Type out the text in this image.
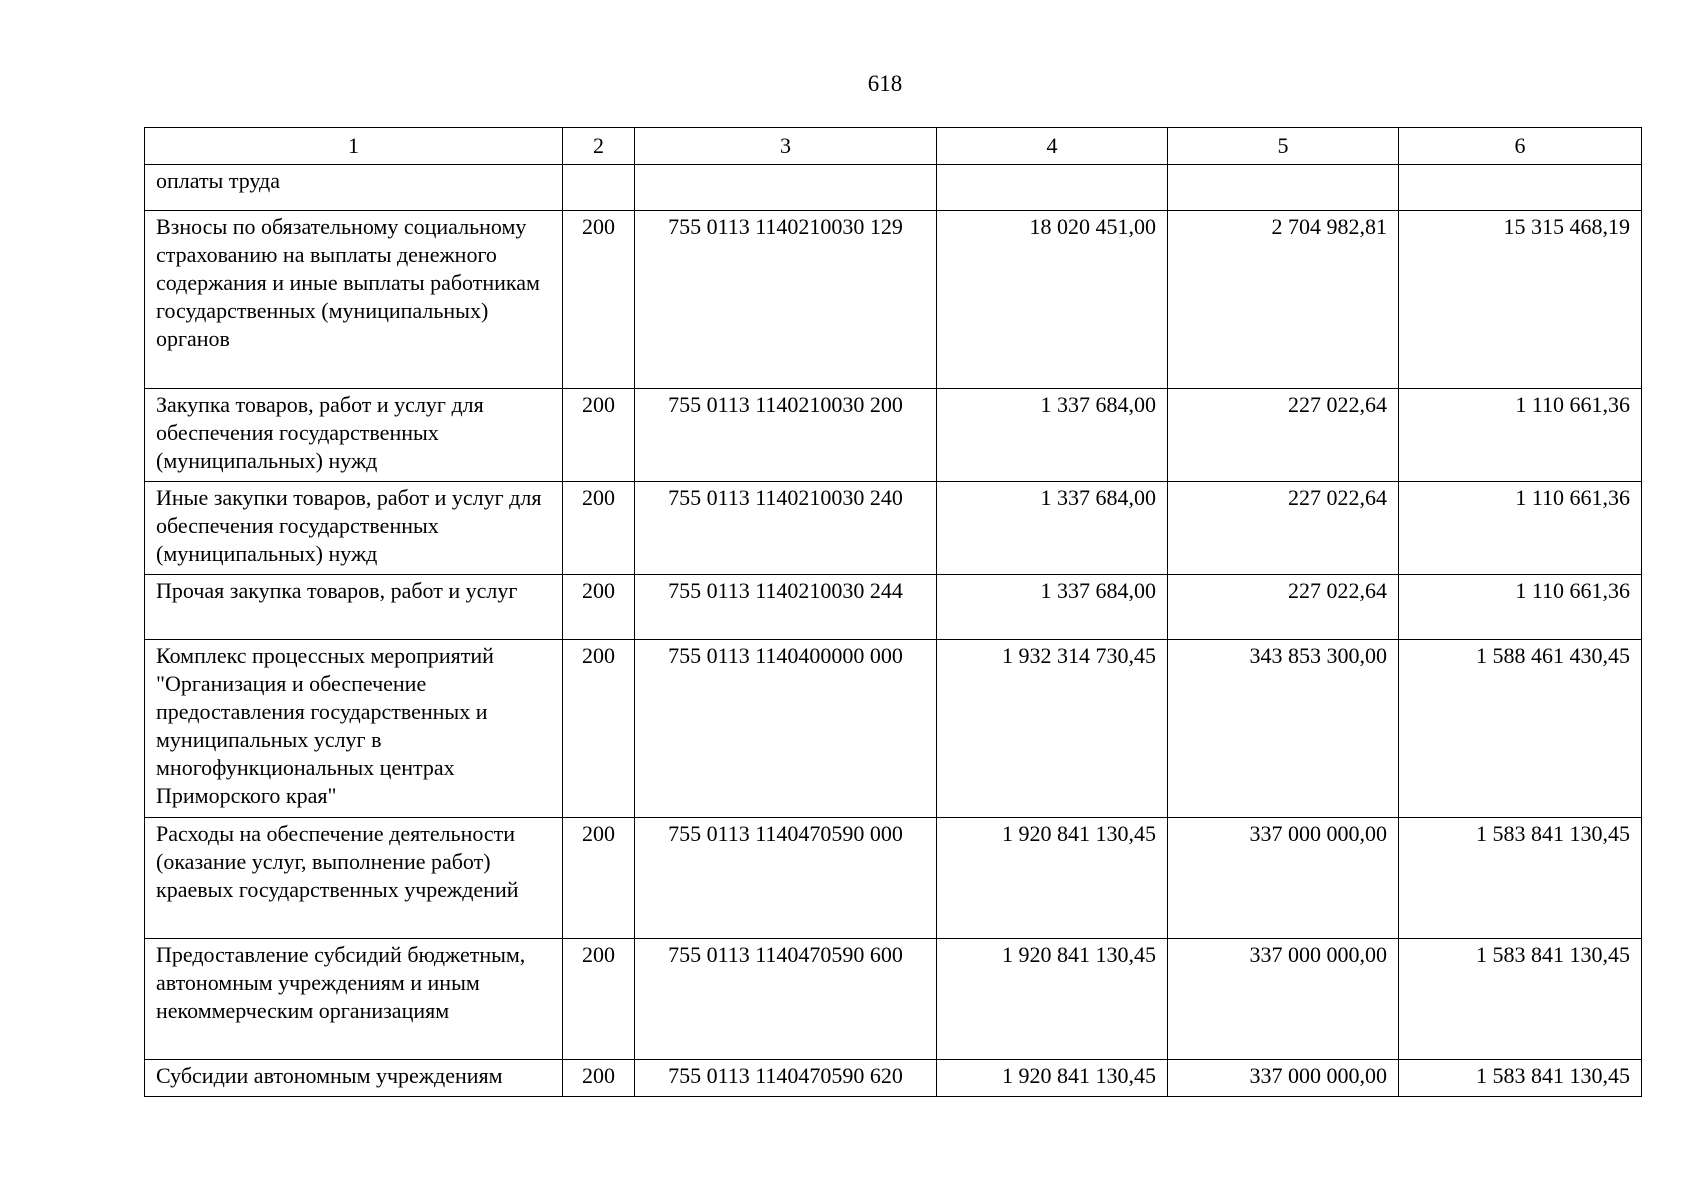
618
1	2	3	4	5	6

оплаты труда					

Взносы по обязательному социальному страхованию на выплаты денежного содержания и иные выплаты работникам государственных (муниципальных) органов	200	755 0113 1140210030 129	18 020 451,00	2 704 982,81	15 315 468,19

Закупка товаров, работ и услуг для обеспечения государственных (муниципальных) нужд	200	755 0113 1140210030 200	1 337 684,00	227 022,64	1 110 661,36

Иные закупки товаров, работ и услуг для обеспечения государственных (муниципальных) нужд	200	755 0113 1140210030 240	1 337 684,00	227 022,64	1 110 661,36

Прочая закупка товаров, работ и услуг	200	755 0113 1140210030 244	1 337 684,00	227 022,64	1 110 661,36

Комплекс процессных мероприятий "Организация и обеспечение предоставления государственных и муниципальных услуг в многофункциональных центрах Приморского края"	200	755 0113 1140400000 000	1 932 314 730,45	343 853 300,00	1 588 461 430,45

Расходы на обеспечение деятельности (оказание услуг, выполнение работ) краевых государственных учреждений	200	755 0113 1140470590 000	1 920 841 130,45	337 000 000,00	1 583 841 130,45

Предоставление субсидий бюджетным, автономным учреждениям и иным некоммерческим организациям	200	755 0113 1140470590 600	1 920 841 130,45	337 000 000,00	1 583 841 130,45

Субсидии автономным учреждениям	200	755 0113 1140470590 620	1 920 841 130,45	337 000 000,00	1 583 841 130,45
